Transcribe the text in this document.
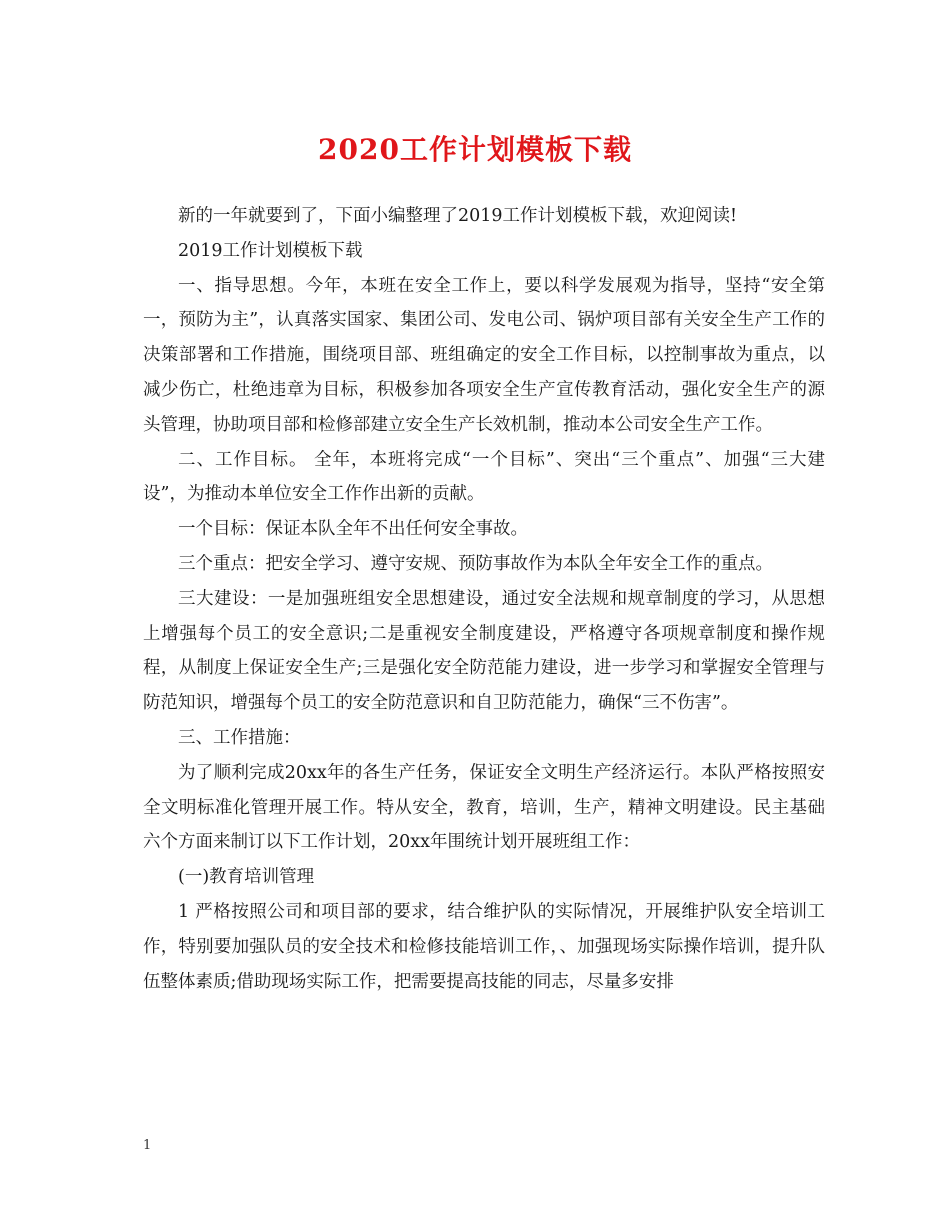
2020工作计划模板下载

新的一年就要到了，下面小编整理了2019工作计划模板下载，欢迎阅读!

2019工作计划模板下载

一、指导思想。今年，本班在安全工作上，要以科学发展观为指导，坚持“安全第一，预防为主”，认真落实国家、集团公司、发电公司、锅炉项目部有关安全生产工作的决策部署和工作措施，围绕项目部、班组确定的安全工作目标，以控制事故为重点，以减少伤亡，杜绝违章为目标，积极参加各项安全生产宣传教育活动，强化安全生产的源头管理，协助项目部和检修部建立安全生产长效机制，推动本公司安全生产工作。

二、工作目标。 全年，本班将完成“一个目标”、突出“三个重点”、加强“三大建设”，为推动本单位安全工作作出新的贡献。

一个目标：保证本队全年不出任何安全事故。

三个重点：把安全学习、遵守安规、预防事故作为本队全年安全工作的重点。

三大建设：一是加强班组安全思想建设，通过安全法规和规章制度的学习，从思想上增强每个员工的安全意识;二是重视安全制度建设，严格遵守各项规章制度和操作规程，从制度上保证安全生产;三是强化安全防范能力建设，进一步学习和掌握安全管理与防范知识，增强每个员工的安全防范意识和自卫防范能力，确保“三不伤害”。

三、工作措施：

为了顺利完成20xx年的各生产任务，保证安全文明生产经济运行。本队严格按照安全文明标准化管理开展工作。特从安全，教育，培训，生产，精神文明建设。民主基础六个方面来制订以下工作计划，20xx年围统计划开展班组工作：

(一)教育培训管理

1 严格按照公司和项目部的要求，结合维护队的实际情况，开展维护队安全培训工作，特别要加强队员的安全技术和检修技能培训工作，、加强现场实际操作培训，提升队伍整体素质;借助现场实际工作，把需要提高技能的同志，尽量多安排

1
